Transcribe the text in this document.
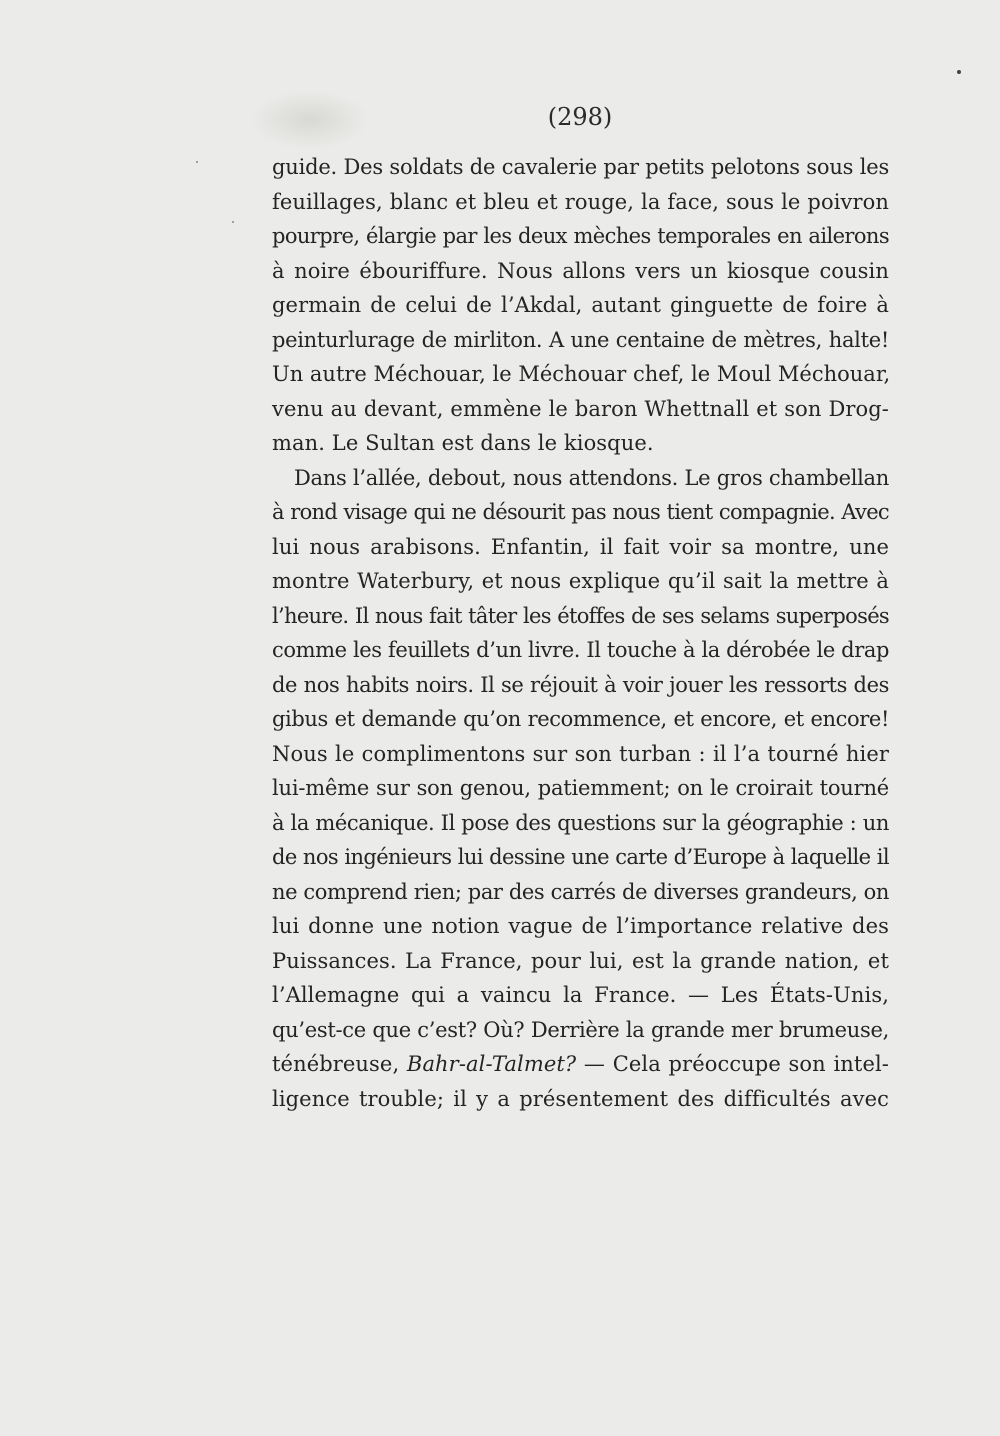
(298)
guide. Des soldats de cavalerie par petits pelotons sous les
feuillages, blanc et bleu et rouge, la face, sous le poivron
pourpre, élargie par les deux mèches temporales en ailerons
à noire ébouriffure. Nous allons vers un kiosque cousin
germain de celui de l’Akdal, autant ginguette de foire à
peinturlurage de mirliton. A une centaine de mètres, halte!
Un autre Méchouar, le Méchouar chef, le Moul Méchouar,
venu au devant, emmène le baron Whettnall et son Drog-
man. Le Sultan est dans le kiosque.
Dans l’allée, debout, nous attendons. Le gros chambellan
à rond visage qui ne désourit pas nous tient compagnie. Avec
lui nous arabisons. Enfantin, il fait voir sa montre, une
montre Waterbury, et nous explique qu’il sait la mettre à
l’heure. Il nous fait tâter les étoffes de ses selams superposés
comme les feuillets d’un livre. Il touche à la dérobée le drap
de nos habits noirs. Il se réjouit à voir jouer les ressorts des
gibus et demande qu’on recommence, et encore, et encore!
Nous le complimentons sur son turban : il l’a tourné hier
lui-même sur son genou, patiemment; on le croirait tourné
à la mécanique. Il pose des questions sur la géographie : un
de nos ingénieurs lui dessine une carte d’Europe à laquelle il
ne comprend rien; par des carrés de diverses grandeurs, on
lui donne une notion vague de l’importance relative des
Puissances. La France, pour lui, est la grande nation, et
l’Allemagne qui a vaincu la France. — Les États-Unis,
qu’est-ce que c’est? Où? Derrière la grande mer brumeuse,
ténébreuse, Bahr-al-Talmet? — Cela préoccupe son intel-
ligence trouble; il y a présentement des difficultés avec
